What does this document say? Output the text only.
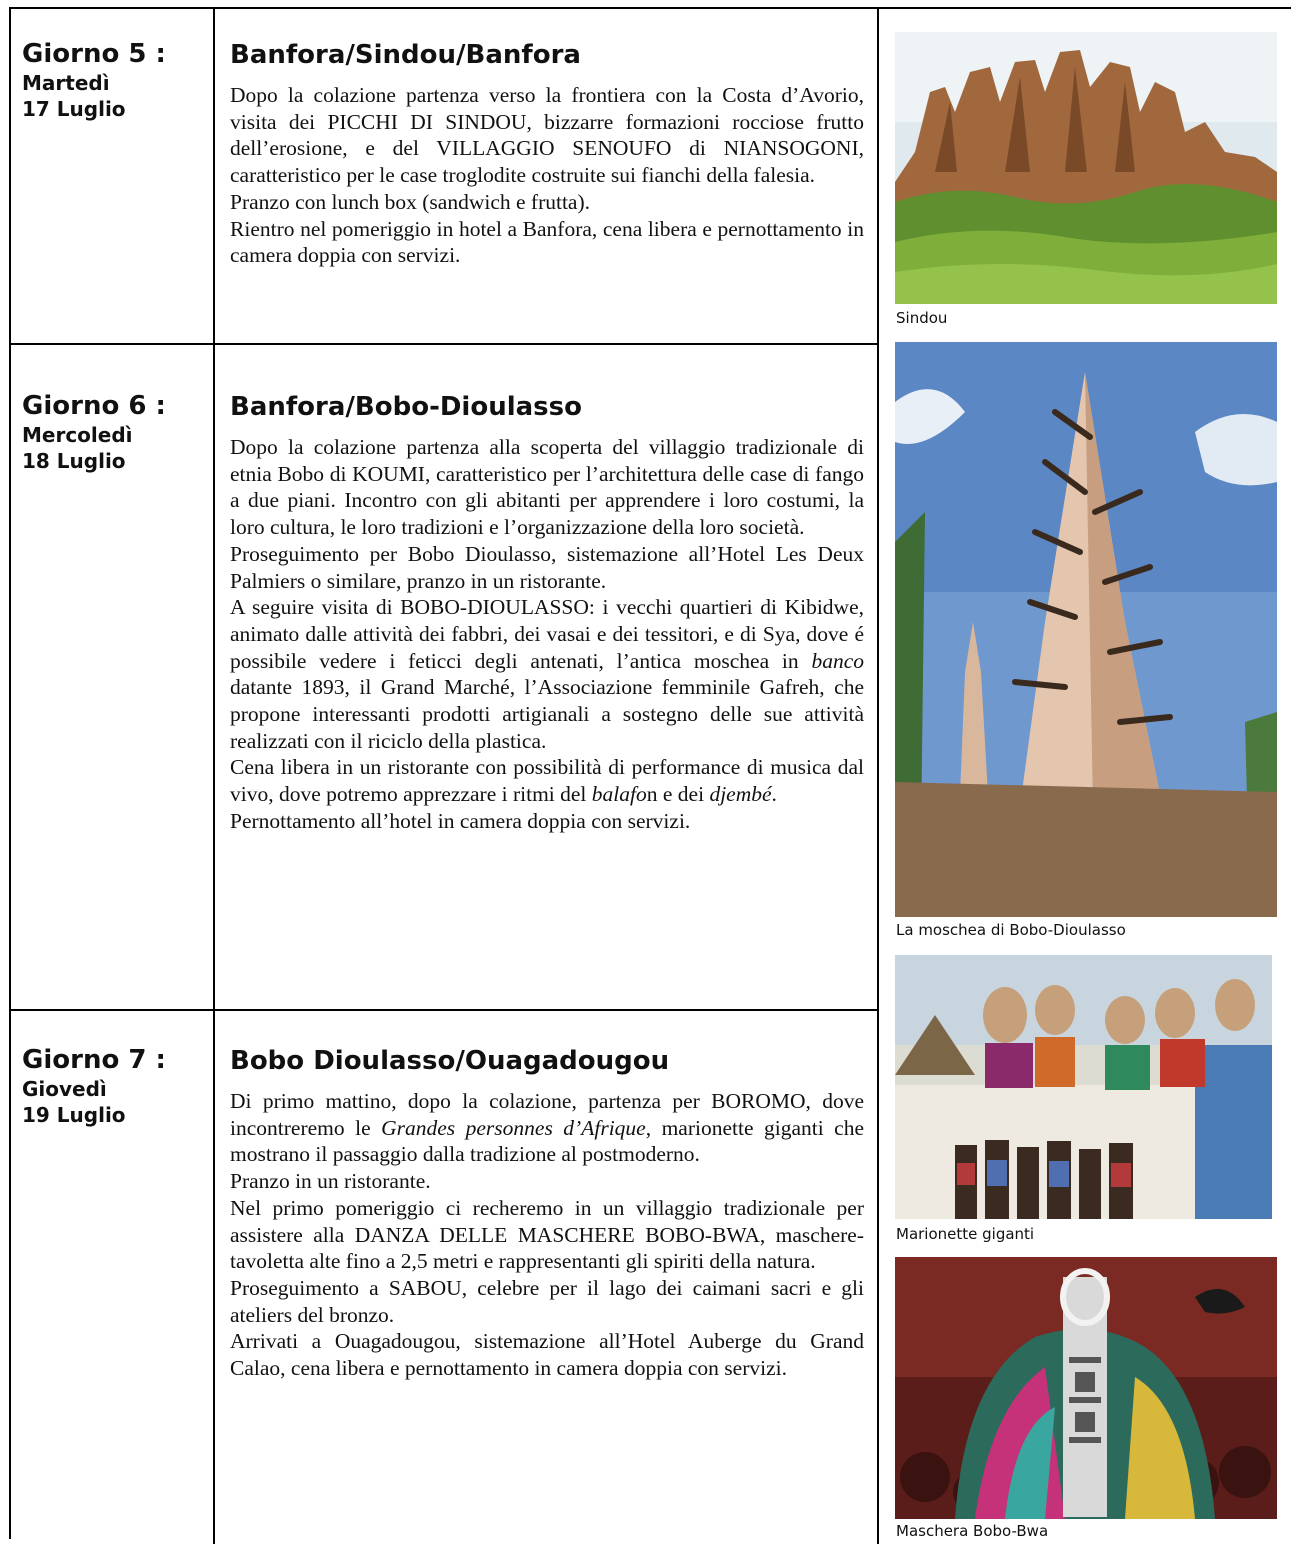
Giorno 5 :
Martedì
17 Luglio
Banfora/Sindou/Banfora

Dopo la colazione partenza verso la frontiera con la Costa d’Avorio, visita dei PICCHI DI SINDOU, bizzarre formazioni rocciose frutto dell’erosione, e del VILLAGGIO SENOUFO di NIANSOGONI, caratteristico per le case troglodite costruite sui fianchi della falesia.

Pranzo con lunch box (sandwich e frutta).

Rientro nel pomeriggio in hotel a Banfora, cena libera e pernottamento in camera doppia con servizi.

Giorno 6 :
Mercoledì
18 Luglio
Banfora/Bobo-Dioulasso

Dopo la colazione partenza alla scoperta del villaggio tradizionale di etnia Bobo di KOUMI, caratteristico per l’architettura delle case di fango a due piani. Incontro con gli abitanti per apprendere i loro costumi, la loro cultura, le loro tradizioni e l’organizzazione della loro società.

Proseguimento per Bobo Dioulasso, sistemazione all’Hotel Les Deux Palmiers o similare, pranzo in un ristorante.

A seguire visita di BOBO-DIOULASSO: i vecchi quartieri di Kibidwe, animato dalle attività dei fabbri, dei vasai e dei tessitori, e di Sya, dove é possibile vedere i feticci degli antenati, l’antica moschea in banco datante 1893, il Grand Marché, l’Associazione femminile Gafreh, che propone interessanti prodotti artigianali a sostegno delle sue attività realizzati con il riciclo della plastica.

Cena libera in un ristorante con possibilità di performance di musica dal vivo, dove potremo apprezzare i ritmi del balafon e dei djembé.

Pernottamento all’hotel in camera doppia con servizi.

Giorno 7 :
Giovedì
19 Luglio
Bobo Dioulasso/Ouagadougou

Di primo mattino, dopo la colazione, partenza per BOROMO, dove incontreremo le Grandes personnes d’Afrique, marionette giganti che mostrano il passaggio dalla tradizione al postmoderno.

Pranzo in un ristorante.

Nel primo pomeriggio ci recheremo in un villaggio tradizionale per assistere alla DANZA DELLE MASCHERE BOBO-BWA, maschere-tavoletta alte fino a 2,5 metri e rappresentanti gli spiriti della natura.

Proseguimento a SABOU, celebre per il lago dei caimani sacri e gli ateliers del bronzo.

Arrivati a Ouagadougou, sistemazione all’Hotel Auberge du Grand Calao, cena libera e pernottamento in camera doppia con servizi.

Sindou
La moschea di Bobo-Dioulasso
Marionette giganti
Maschera Bobo-Bwa
